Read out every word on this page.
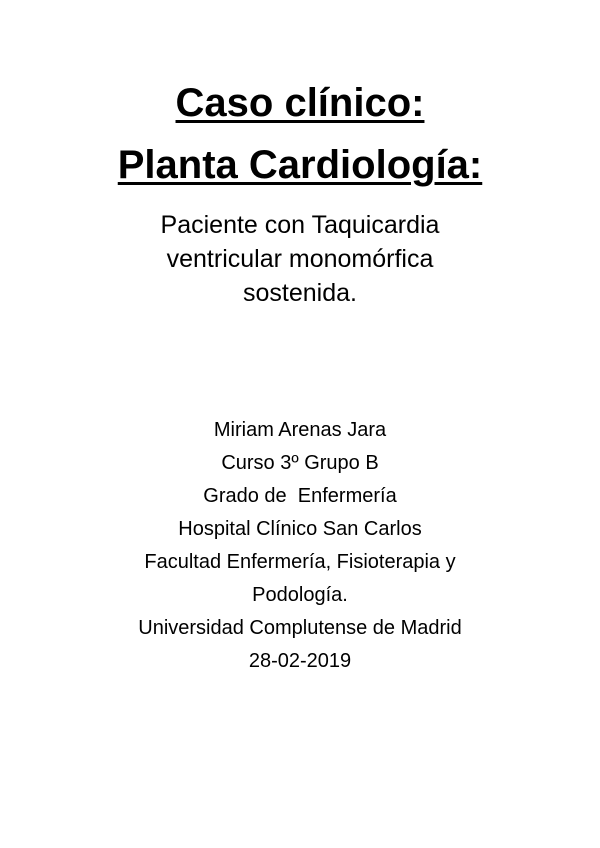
Caso clínico:
Planta Cardiología:
Paciente con Taquicardia
ventricular monomórfica
sostenida.
Miriam Arenas Jara
Curso 3º Grupo B
Grado de  Enfermería
Hospital Clínico San Carlos
Facultad Enfermería, Fisioterapia y
Podología.
Universidad Complutense de Madrid
28-02-2019
